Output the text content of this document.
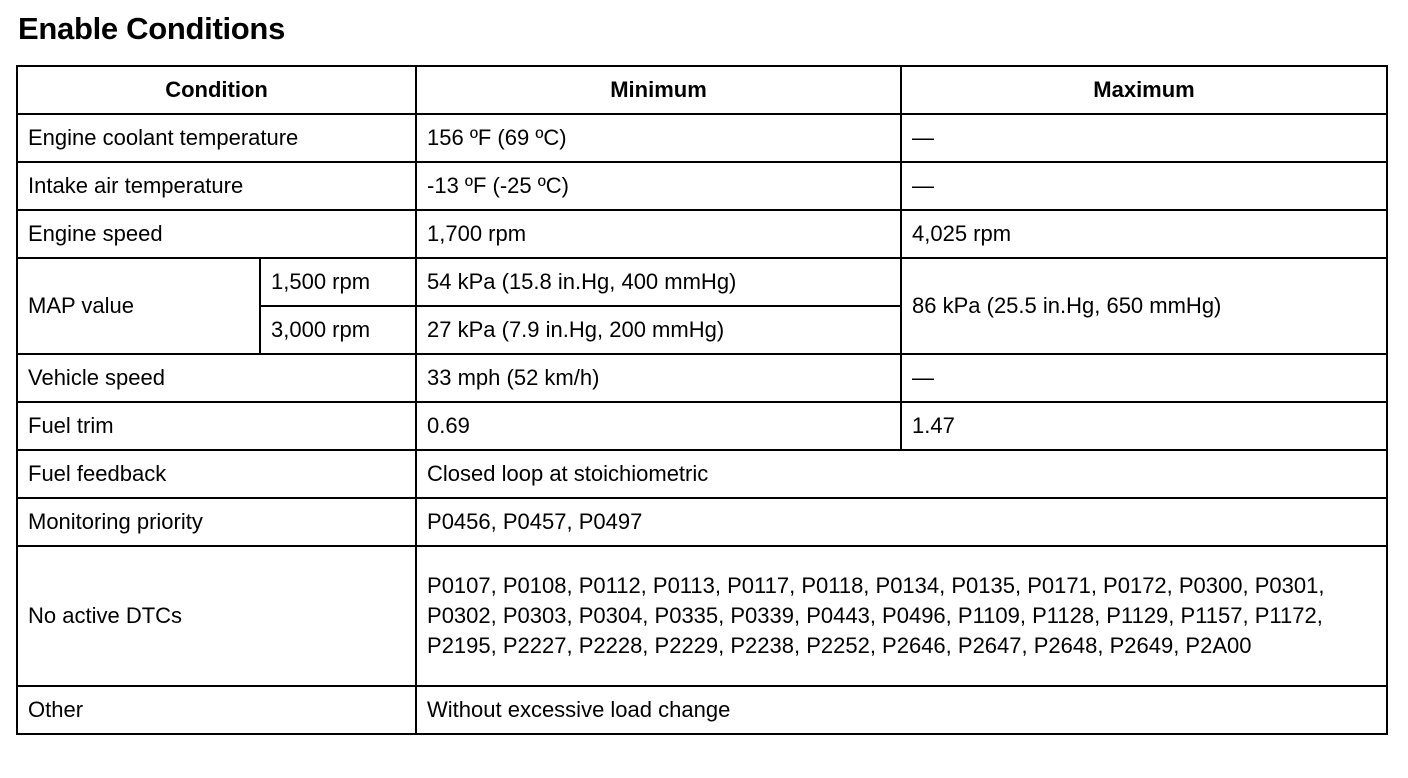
Enable Conditions
Condition		Minimum	Maximum
Engine coolant temperature		156 ºF (69 ºC)	—
Intake air temperature		-13 ºF (-25 ºC)	—
Engine speed		1,700 rpm	4,025 rpm
MAP value	1,500 rpm	54 kPa (15.8 in.Hg, 400 mmHg)	86 kPa (25.5 in.Hg, 650 mmHg)
	3,000 rpm	27 kPa (7.9 in.Hg, 200 mmHg)	
Vehicle speed		33 mph (52 km/h)	—
Fuel trim		0.69	1.47
Fuel feedback		Closed loop at stoichiometric	
Monitoring priority		P0456, P0457, P0497	
No active DTCs		P0107, P0108, P0112, P0113, P0117, P0118, P0134, P0135, P0171, P0172, P0300, P0301, P0302, P0303, P0304, P0335, P0339, P0443, P0496, P1109, P1128, P1129, P1157, P1172, P2195, P2227, P2228, P2229, P2238, P2252, P2646, P2647, P2648, P2649, P2A00	

Other		Without excessive load change	
